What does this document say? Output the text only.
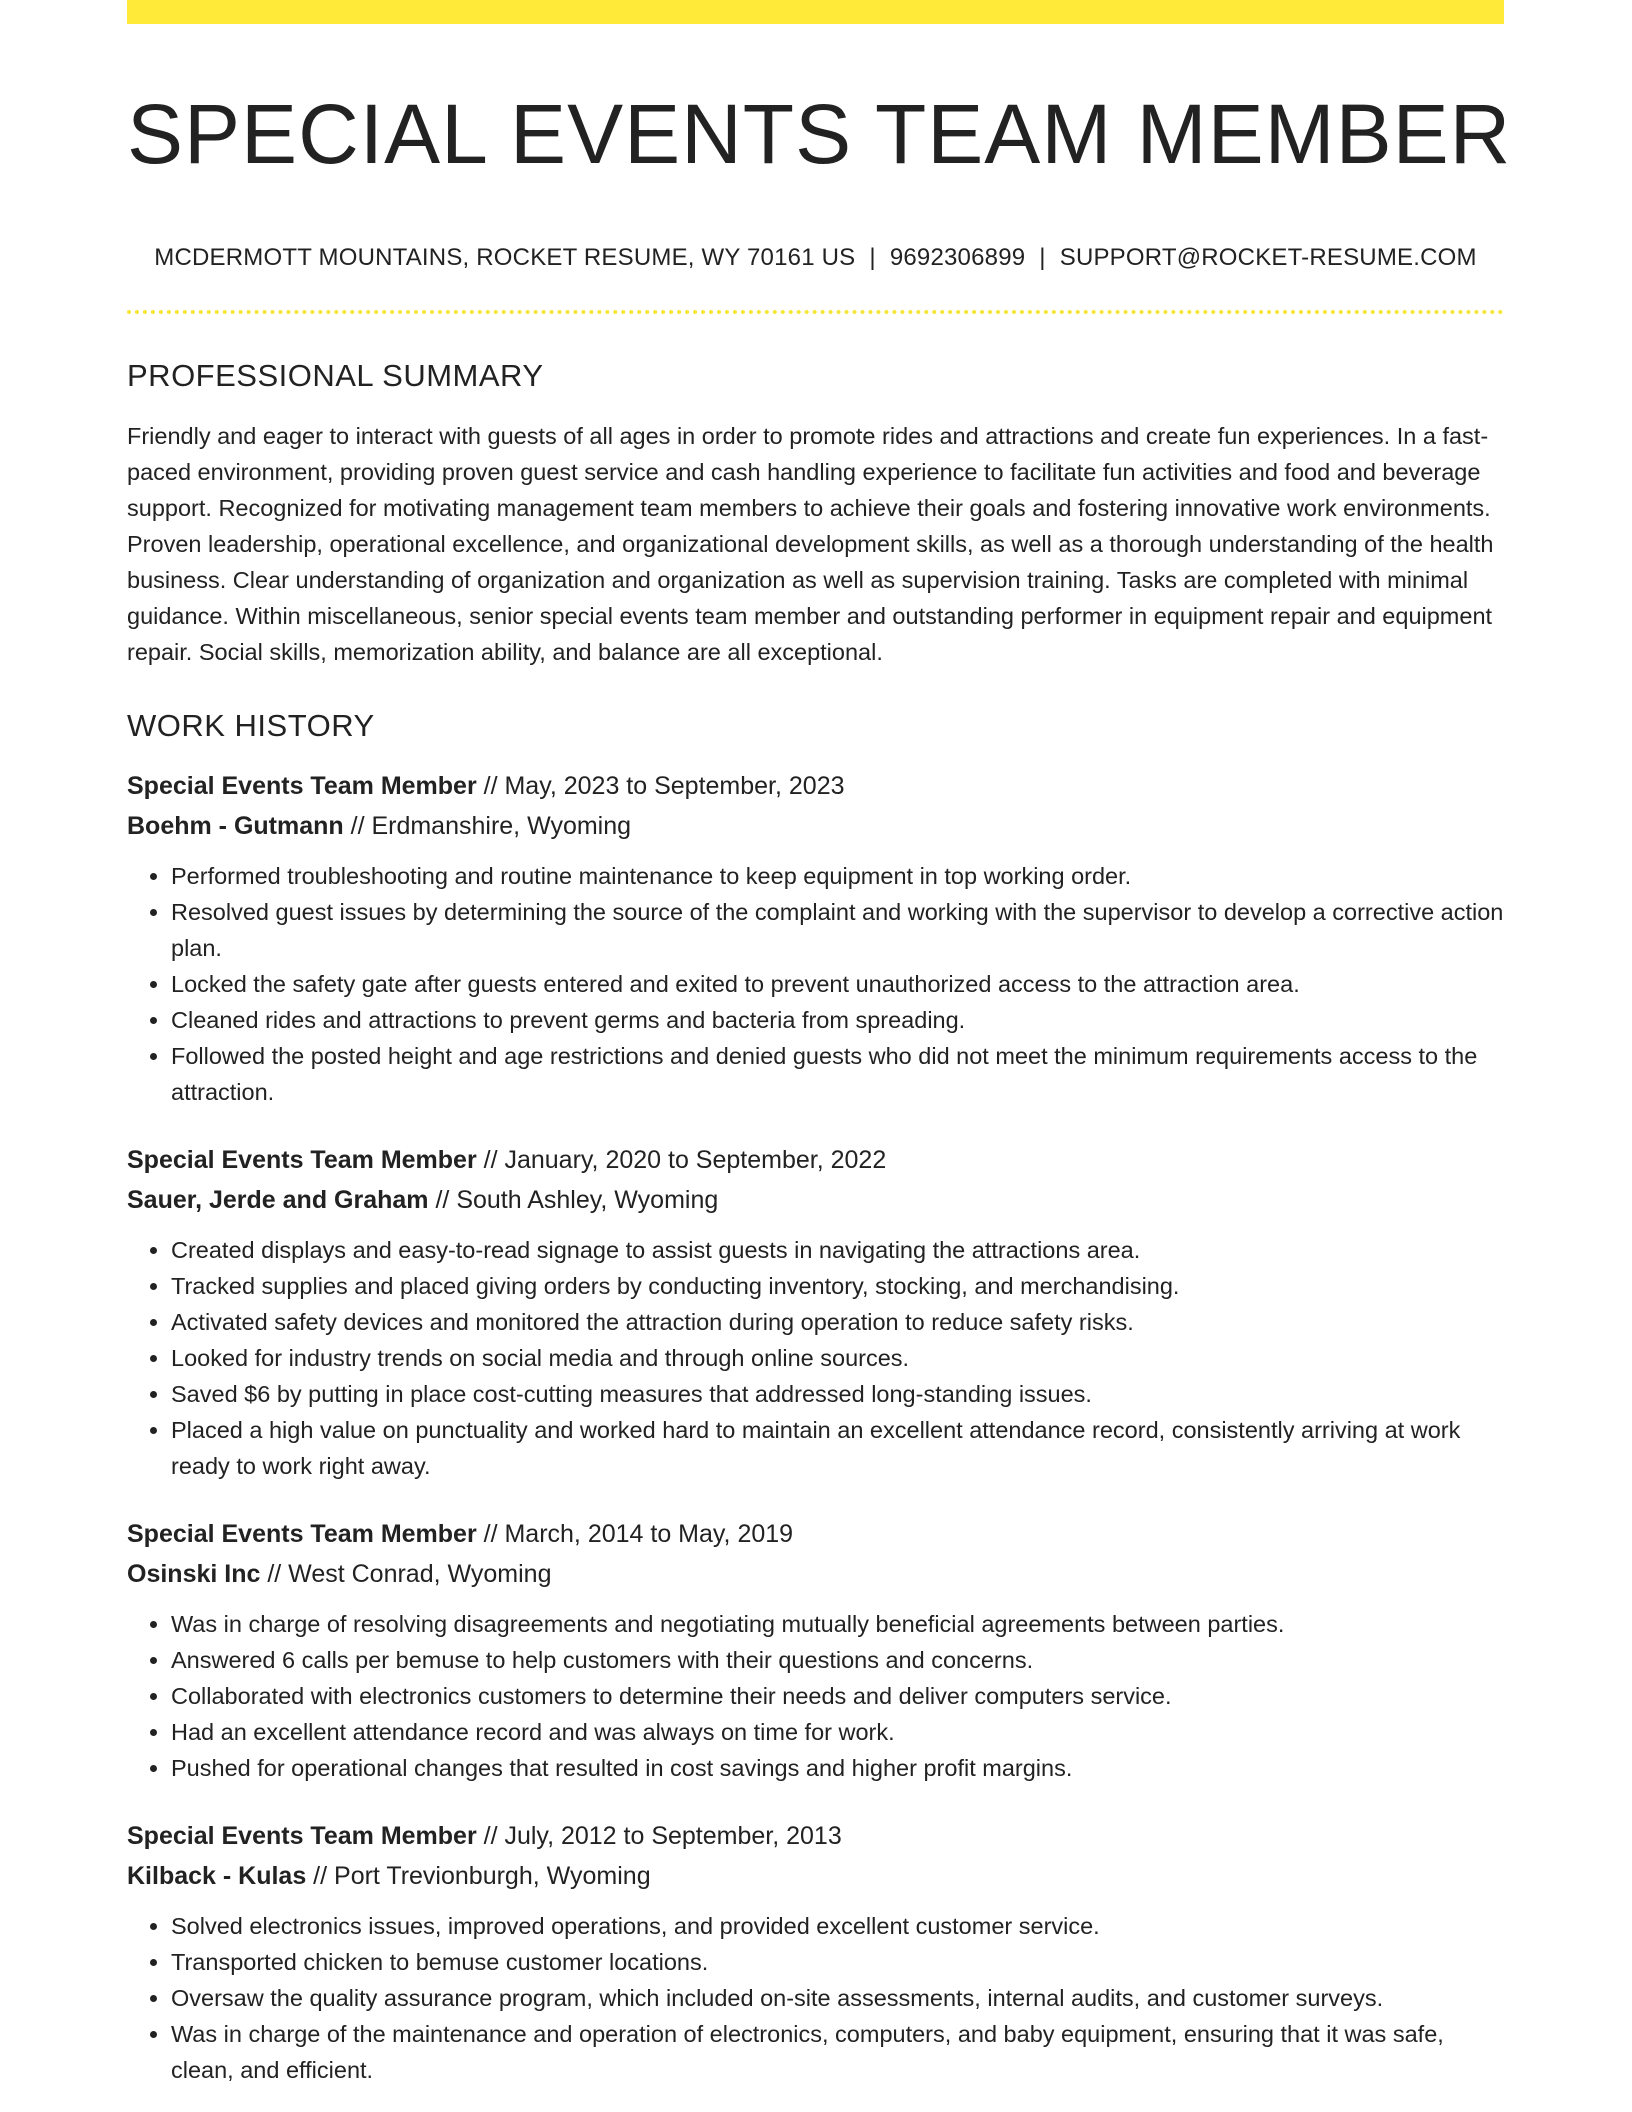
SPECIAL EVENTS TEAM MEMBER
MCDERMOTT MOUNTAINS, ROCKET RESUME, WY 70161 US | 9692306899 | SUPPORT@ROCKET-RESUME.COM
PROFESSIONAL SUMMARY

Friendly and eager to interact with guests of all ages in order to promote rides and attractions and create fun experiences. In a fast-paced environment, providing proven guest service and cash handling experience to facilitate fun activities and food and beverage support. Recognized for motivating management team members to achieve their goals and fostering innovative work environments. Proven leadership, operational excellence, and organizational development skills, as well as a thorough understanding of the health business. Clear understanding of organization and organization as well as supervision training. Tasks are completed with minimal guidance. Within miscellaneous, senior special events team member and outstanding performer in equipment repair and equipment repair. Social skills, memorization ability, and balance are all exceptional.

WORK HISTORY
Special Events Team Member // May, 2023 to September, 2023
Boehm - Gutmann // Erdmanshire, Wyoming
• Performed troubleshooting and routine maintenance to keep equipment in top working order.
• Resolved guest issues by determining the source of the complaint and working with the supervisor to develop a corrective action plan.
• Locked the safety gate after guests entered and exited to prevent unauthorized access to the attraction area.
• Cleaned rides and attractions to prevent germs and bacteria from spreading.
• Followed the posted height and age restrictions and denied guests who did not meet the minimum requirements access to the attraction.
Special Events Team Member // January, 2020 to September, 2022
Sauer, Jerde and Graham // South Ashley, Wyoming
• Created displays and easy-to-read signage to assist guests in navigating the attractions area.
• Tracked supplies and placed giving orders by conducting inventory, stocking, and merchandising.
• Activated safety devices and monitored the attraction during operation to reduce safety risks.
• Looked for industry trends on social media and through online sources.
• Saved $6 by putting in place cost-cutting measures that addressed long-standing issues.
• Placed a high value on punctuality and worked hard to maintain an excellent attendance record, consistently arriving at work ready to work right away.
Special Events Team Member // March, 2014 to May, 2019
Osinski Inc // West Conrad, Wyoming
• Was in charge of resolving disagreements and negotiating mutually beneficial agreements between parties.
• Answered 6 calls per bemuse to help customers with their questions and concerns.
• Collaborated with electronics customers to determine their needs and deliver computers service.
• Had an excellent attendance record and was always on time for work.
• Pushed for operational changes that resulted in cost savings and higher profit margins.
Special Events Team Member // July, 2012 to September, 2013
Kilback - Kulas // Port Trevionburgh, Wyoming
• Solved electronics issues, improved operations, and provided excellent customer service.
• Transported chicken to bemuse customer locations.
• Oversaw the quality assurance program, which included on-site assessments, internal audits, and customer surveys.
• Was in charge of the maintenance and operation of electronics, computers, and baby equipment, ensuring that it was safe, clean, and efficient.
